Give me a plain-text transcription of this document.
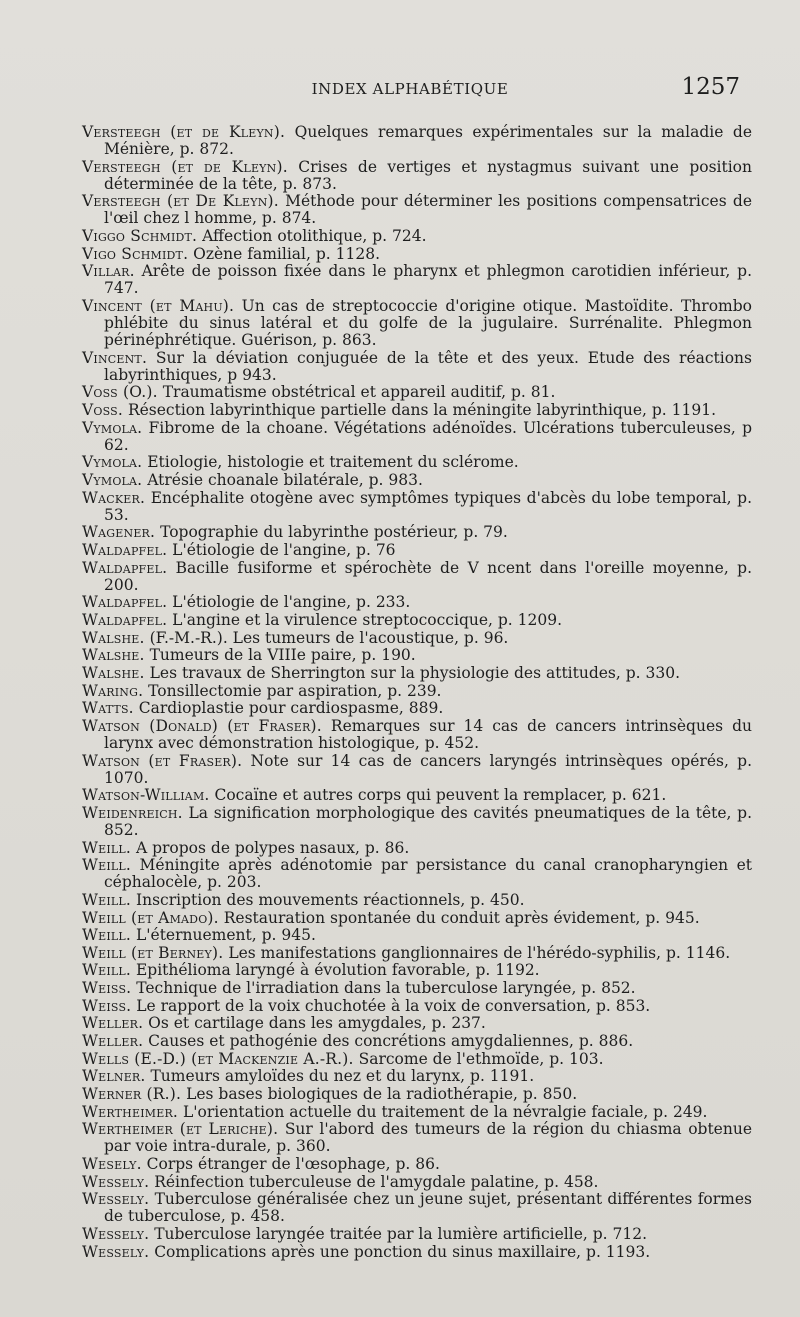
INDEX ALPHABÉTIQUE	1257

Versteegh (et de Kleyn). Quelques remarques expérimentales sur la maladie de Ménière, p. 872.

Versteegh (et de Kleyn). Crises de vertiges et nystagmus suivant une position déterminée de la tête, p. 873.

Versteegh (et De Kleyn). Méthode pour déterminer les positions compensatrices de l'œil chez l homme, p. 874.

Viggo Schmidt. Affection otolithique, p. 724.

Vigo Schmidt. Ozène familial, p. 1128.

Villar. Arête de poisson fixée dans le pharynx et phlegmon carotidien inférieur, p. 747.

Vincent (et Mahu). Un cas de streptococcie d'origine otique. Mastoïdite. Thrombo phlébite du sinus latéral et du golfe de la jugulaire. Surrénalite. Phlegmon périnéphrétique. Guérison, p. 863.

Vincent. Sur la déviation conjuguée de la tête et des yeux. Etude des réactions labyrinthiques, p 943.

Voss (O.). Traumatisme obstétrical et appareil auditif, p. 81.

Voss. Résection labyrinthique partielle dans la méningite labyrinthique, p. 1191.

Vymola. Fibrome de la choane. Végétations adénoïdes. Ulcérations tuberculeuses, p 62.

Vymola. Etiologie, histologie et traitement du sclérome.

Vymola. Atrésie choanale bilatérale, p. 983.

Wacker. Encéphalite otogène avec symptômes typiques d'abcès du lobe temporal, p. 53.

Wagener. Topographie du labyrinthe postérieur, p. 79.

Waldapfel. L'étiologie de l'angine, p. 76

Waldapfel. Bacille fusiforme et spérochète de V ncent dans l'oreille moyenne, p. 200.

Waldapfel. L'étiologie de l'angine, p. 233.

Waldapfel. L'angine et la virulence streptococcique, p. 1209.

Walshe. (F.-M.-R.). Les tumeurs de l'acoustique, p. 96.

Walshe. Tumeurs de la VIIIe paire, p. 190.

Walshe. Les travaux de Sherrington sur la physiologie des attitudes, p. 330.

Waring. Tonsillectomie par aspiration, p. 239.

Watts. Cardioplastie pour cardiospasme, 889.

Watson (Donald) (et Fraser). Remarques sur 14 cas de cancers intrinsèques du larynx avec démonstration histologique, p. 452.

Watson (et Fraser). Note sur 14 cas de cancers laryngés intrinsèques opérés, p. 1070.

Watson-William. Cocaïne et autres corps qui peuvent la remplacer, p. 621.

Weidenreich. La signification morphologique des cavités pneumatiques de la tête, p. 852.

Weill. A propos de polypes nasaux, p. 86.

Weill. Méningite après adénotomie par persistance du canal cranopharyngien et céphalocèle, p. 203.

Weill. Inscription des mouvements réactionnels, p. 450.

Weill (et Amado). Restauration spontanée du conduit après évidement, p. 945.

Weill. L'éternuement, p. 945.

Weill (et Berney). Les manifestations ganglionnaires de l'hérédo-syphilis, p. 1146.

Weill. Epithélioma laryngé à évolution favorable, p. 1192.

Weiss. Technique de l'irradiation dans la tuberculose laryngée, p. 852.

Weiss. Le rapport de la voix chuchotée à la voix de conversation, p. 853.

Weller. Os et cartilage dans les amygdales, p. 237.

Weller. Causes et pathogénie des concrétions amygdaliennes, p. 886.

Wells (E.-D.) (et Mackenzie A.-R.). Sarcome de l'ethmoïde, p. 103.

Welner. Tumeurs amyloïdes du nez et du larynx, p. 1191.

Werner (R.). Les bases biologiques de la radiothérapie, p. 850.

Wertheimer. L'orientation actuelle du traitement de la névralgie faciale, p. 249.

Wertheimer (et Leriche). Sur l'abord des tumeurs de la région du chiasma obtenue par voie intra-durale, p. 360.

Wesely. Corps étranger de l'œsophage, p. 86.

Wessely. Réinfection tuberculeuse de l'amygdale palatine, p. 458.

Wessely. Tuberculose généralisée chez un jeune sujet, présentant différentes formes de tuberculose, p. 458.

Wessely. Tuberculose laryngée traitée par la lumière artificielle, p. 712.

Wessely. Complications après une ponction du sinus maxillaire, p. 1193.
